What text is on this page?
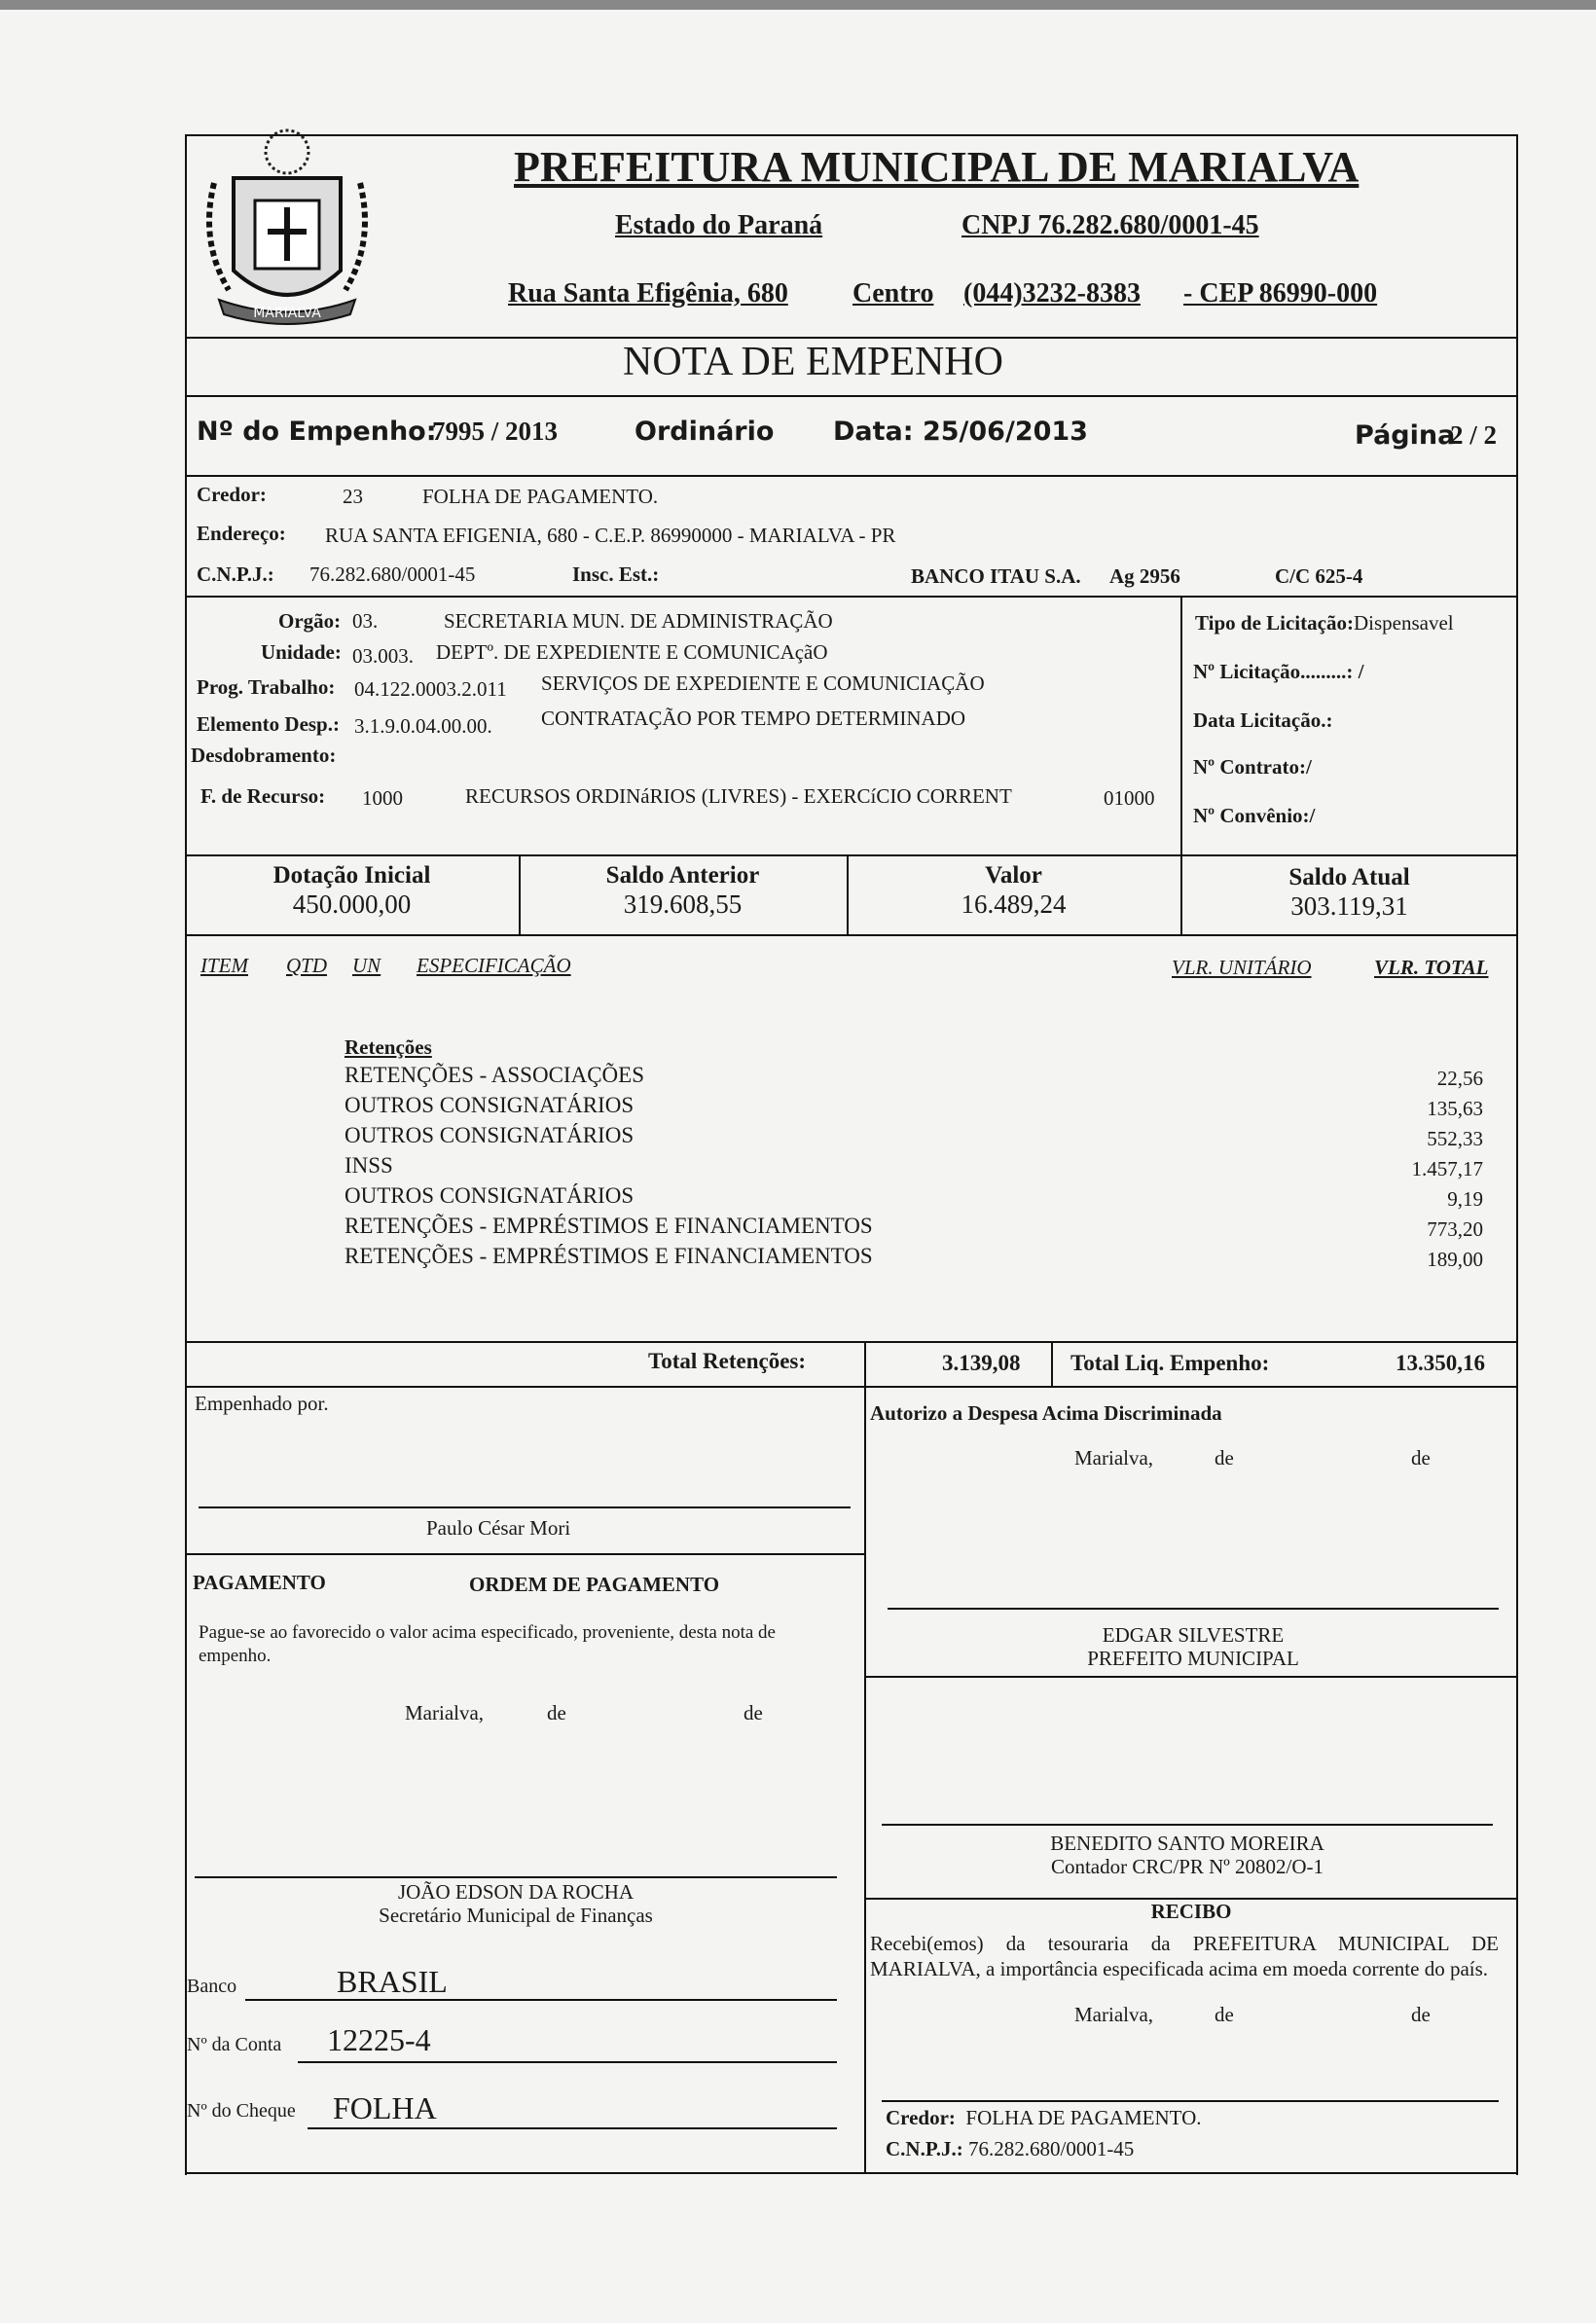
MARIALVA
PREFEITURA MUNICIPAL DE MARIALVA
Estado do Paraná	CNPJ 76.282.680/0001-45
Rua Santa Efigênia, 680 Centro (044)3232-8383 - CEP 86990-000
NOTA DE EMPENHO
Nº do Empenho:
7995 / 2013	Ordinário Data: 25/06/2013	Página
2 / 2
Credor:	23	FOLHA DE PAGAMENTO.
Endereço: RUA SANTA EFIGENIA, 680 - C.E.P. 86990000 - MARIALVA - PR
C.N.P.J.: 76.282.680/0001-45	Insc. Est.:	BANCO ITAU S.A. Ag 2956	C/C 625-4
Orgão: 03.	SECRETARIA MUN. DE ADMINISTRAÇÃO
Unidade: 03.003. DEPTº. DE EXPEDIENTE E COMUNICAçãO
Prog. Trabalho: 04.122.0003.2.011 SERVIÇOS DE EXPEDIENTE E COMUNICIAÇÃO
Elemento Desp.: 3.1.9.0.04.00.00. CONTRATAÇÃO POR TEMPO DETERMINADO
Desdobramento:
F. de Recurso: 1000	RECURSOS ORDINáRIOS (LIVRES) - EXERCíCIO CORRENT	01000
Tipo de Licitação:Dispensavel
Nº Licitação.........: /
Data Licitação.:
Nº Contrato:/
Nº Convênio:/
Dotação Inicial
450.000,00
Saldo Anterior
319.608,55
Valor
16.489,24
Saldo Atual
303.119,31
ITEM QTD UN ESPECIFICAÇÃO	VLR. UNITÁRIO	VLR. TOTAL
Retenções
RETENÇÕES - ASSOCIAÇÕES	22,56
OUTROS CONSIGNATÁRIOS	135,63
OUTROS CONSIGNATÁRIOS	552,33
INSS	1.457,17
OUTROS CONSIGNATÁRIOS	9,19
RETENÇÕES - EMPRÉSTIMOS E FINANCIAMENTOS	773,20
RETENÇÕES - EMPRÉSTIMOS E FINANCIAMENTOS	189,00
Total Retenções:	3.139,08 Total Liq. Empenho:	13.350,16
Empenhado por.
Paulo César Mori
Autorizo a Despesa Acima Discriminada
Marialva,	de	de
EDGAR SILVESTRE
PREFEITO MUNICIPAL
PAGAMENTO	ORDEM DE PAGAMENTO
Pague-se ao favorecido o valor acima especificado, proveniente, desta nota de empenho.
Marialva,	de	de
JOÃO EDSON DA ROCHA
Secretário Municipal de Finanças
BENEDITO SANTO MOREIRA
Contador CRC/PR Nº 20802/O-1
RECIBO
Recebi(emos) da tesouraria da PREFEITURA MUNICIPAL DE MARIALVA, a importância especificada acima em moeda corrente do país.
Marialva,	de	de
Credor: FOLHA DE PAGAMENTO.
C.N.P.J.: 76.282.680/0001-45
Banco	BRASIL
Nº da Conta 12225-4
Nº do Cheque FOLHA
